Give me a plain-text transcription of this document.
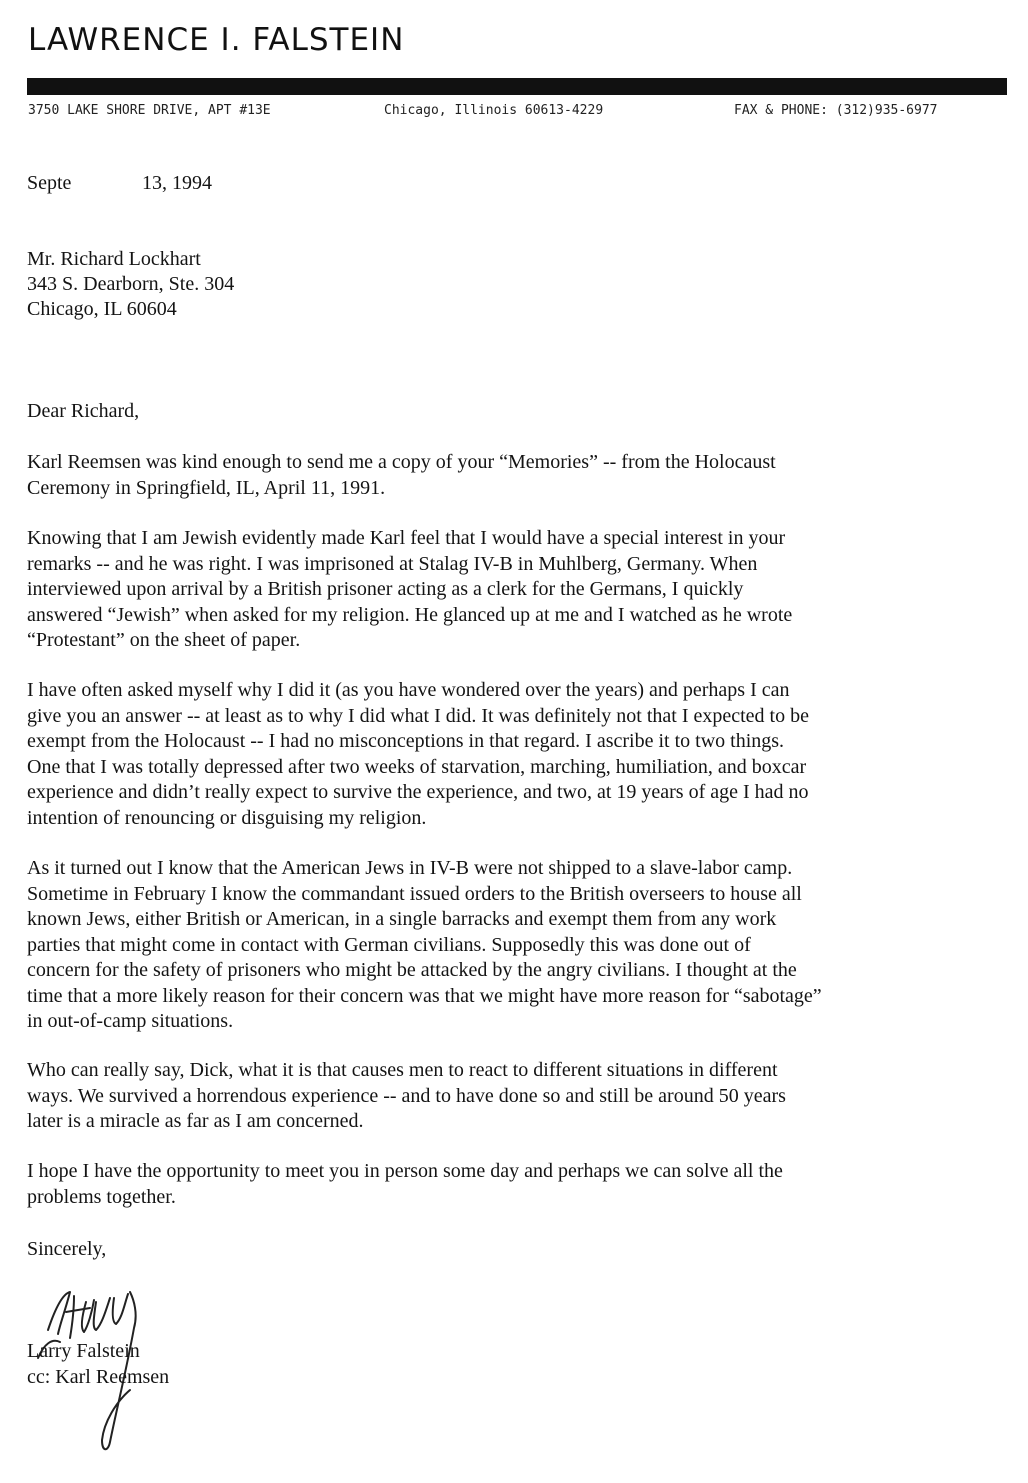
LAWRENCE I. FALSTEIN
3750 LAKE SHORE DRIVE, APT #13E	Chicago, Illinois 60613-4229	FAX & PHONE: (312)935-6977
Septe	13, 1994
Mr. Richard Lockhart
343 S. Dearborn, Ste. 304
Chicago, IL 60604
Dear Richard,
Karl Reemsen was kind enough to send me a copy of your “Memories” -- from the Holocaust
Ceremony in Springfield, IL, April 11, 1991.
Knowing that I am Jewish evidently made Karl feel that I would have a special interest in your
remarks -- and he was right. I was imprisoned at Stalag IV-B in Muhlberg, Germany. When
interviewed upon arrival by a British prisoner acting as a clerk for the Germans, I quickly
answered “Jewish” when asked for my religion. He glanced up at me and I watched as he wrote
“Protestant” on the sheet of paper.
I have often asked myself why I did it (as you have wondered over the years) and perhaps I can
give you an answer -- at least as to why I did what I did. It was definitely not that I expected to be
exempt from the Holocaust -- I had no misconceptions in that regard. I ascribe it to two things.
One that I was totally depressed after two weeks of starvation, marching, humiliation, and boxcar
experience and didn’t really expect to survive the experience, and two, at 19 years of age I had no
intention of renouncing or disguising my religion.
As it turned out I know that the American Jews in IV-B were not shipped to a slave-labor camp.
Sometime in February I know the commandant issued orders to the British overseers to house all
known Jews, either British or American, in a single barracks and exempt them from any work
parties that might come in contact with German civilians. Supposedly this was done out of
concern for the safety of prisoners who might be attacked by the angry civilians. I thought at the
time that a more likely reason for their concern was that we might have more reason for “sabotage”
in out-of-camp situations.
Who can really say, Dick, what it is that causes men to react to different situations in different
ways. We survived a horrendous experience -- and to have done so and still be around 50 years
later is a miracle as far as I am concerned.
I hope I have the opportunity to meet you in person some day and perhaps we can solve all the
problems together.
Sincerely,
Larry Falstein
cc: Karl Reemsen
